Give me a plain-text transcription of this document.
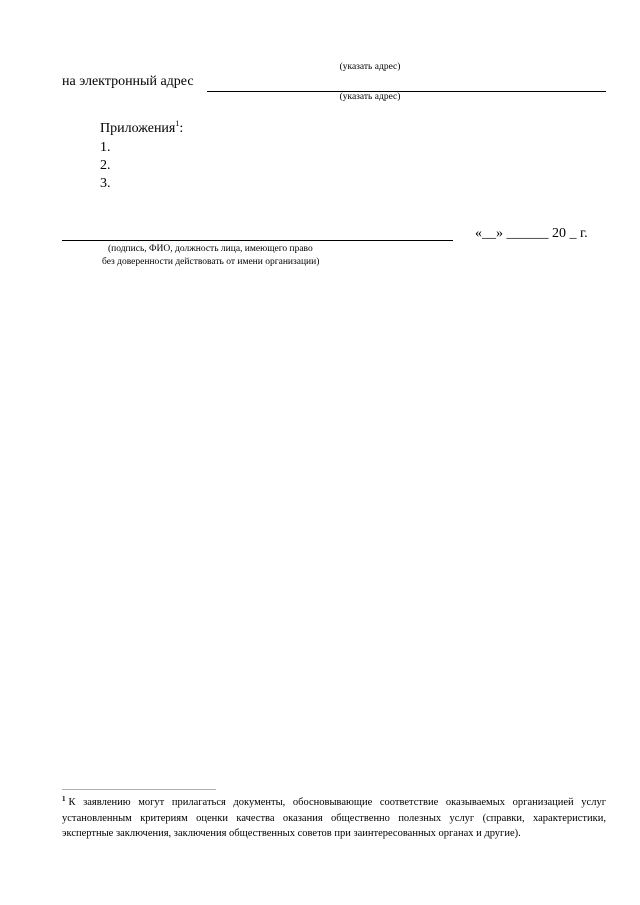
(указать адрес)
на электронный адрес
(указать адрес)
Приложения$^1$:
1.
2.
3.
(подпись, ФИО, должность лица, имеющего право
без доверенности действовать от имени организации)
«__» ______ 20 _ г.
$^1$ К заявлению могут прилагаться документы, обосновывающие соответствие оказываемых организацией услуг установленным критериям оценки качества оказания общественно полезных услуг (справки, характеристики, экспертные заключения, заключения общественных советов при заинтересованных органах и другие).
